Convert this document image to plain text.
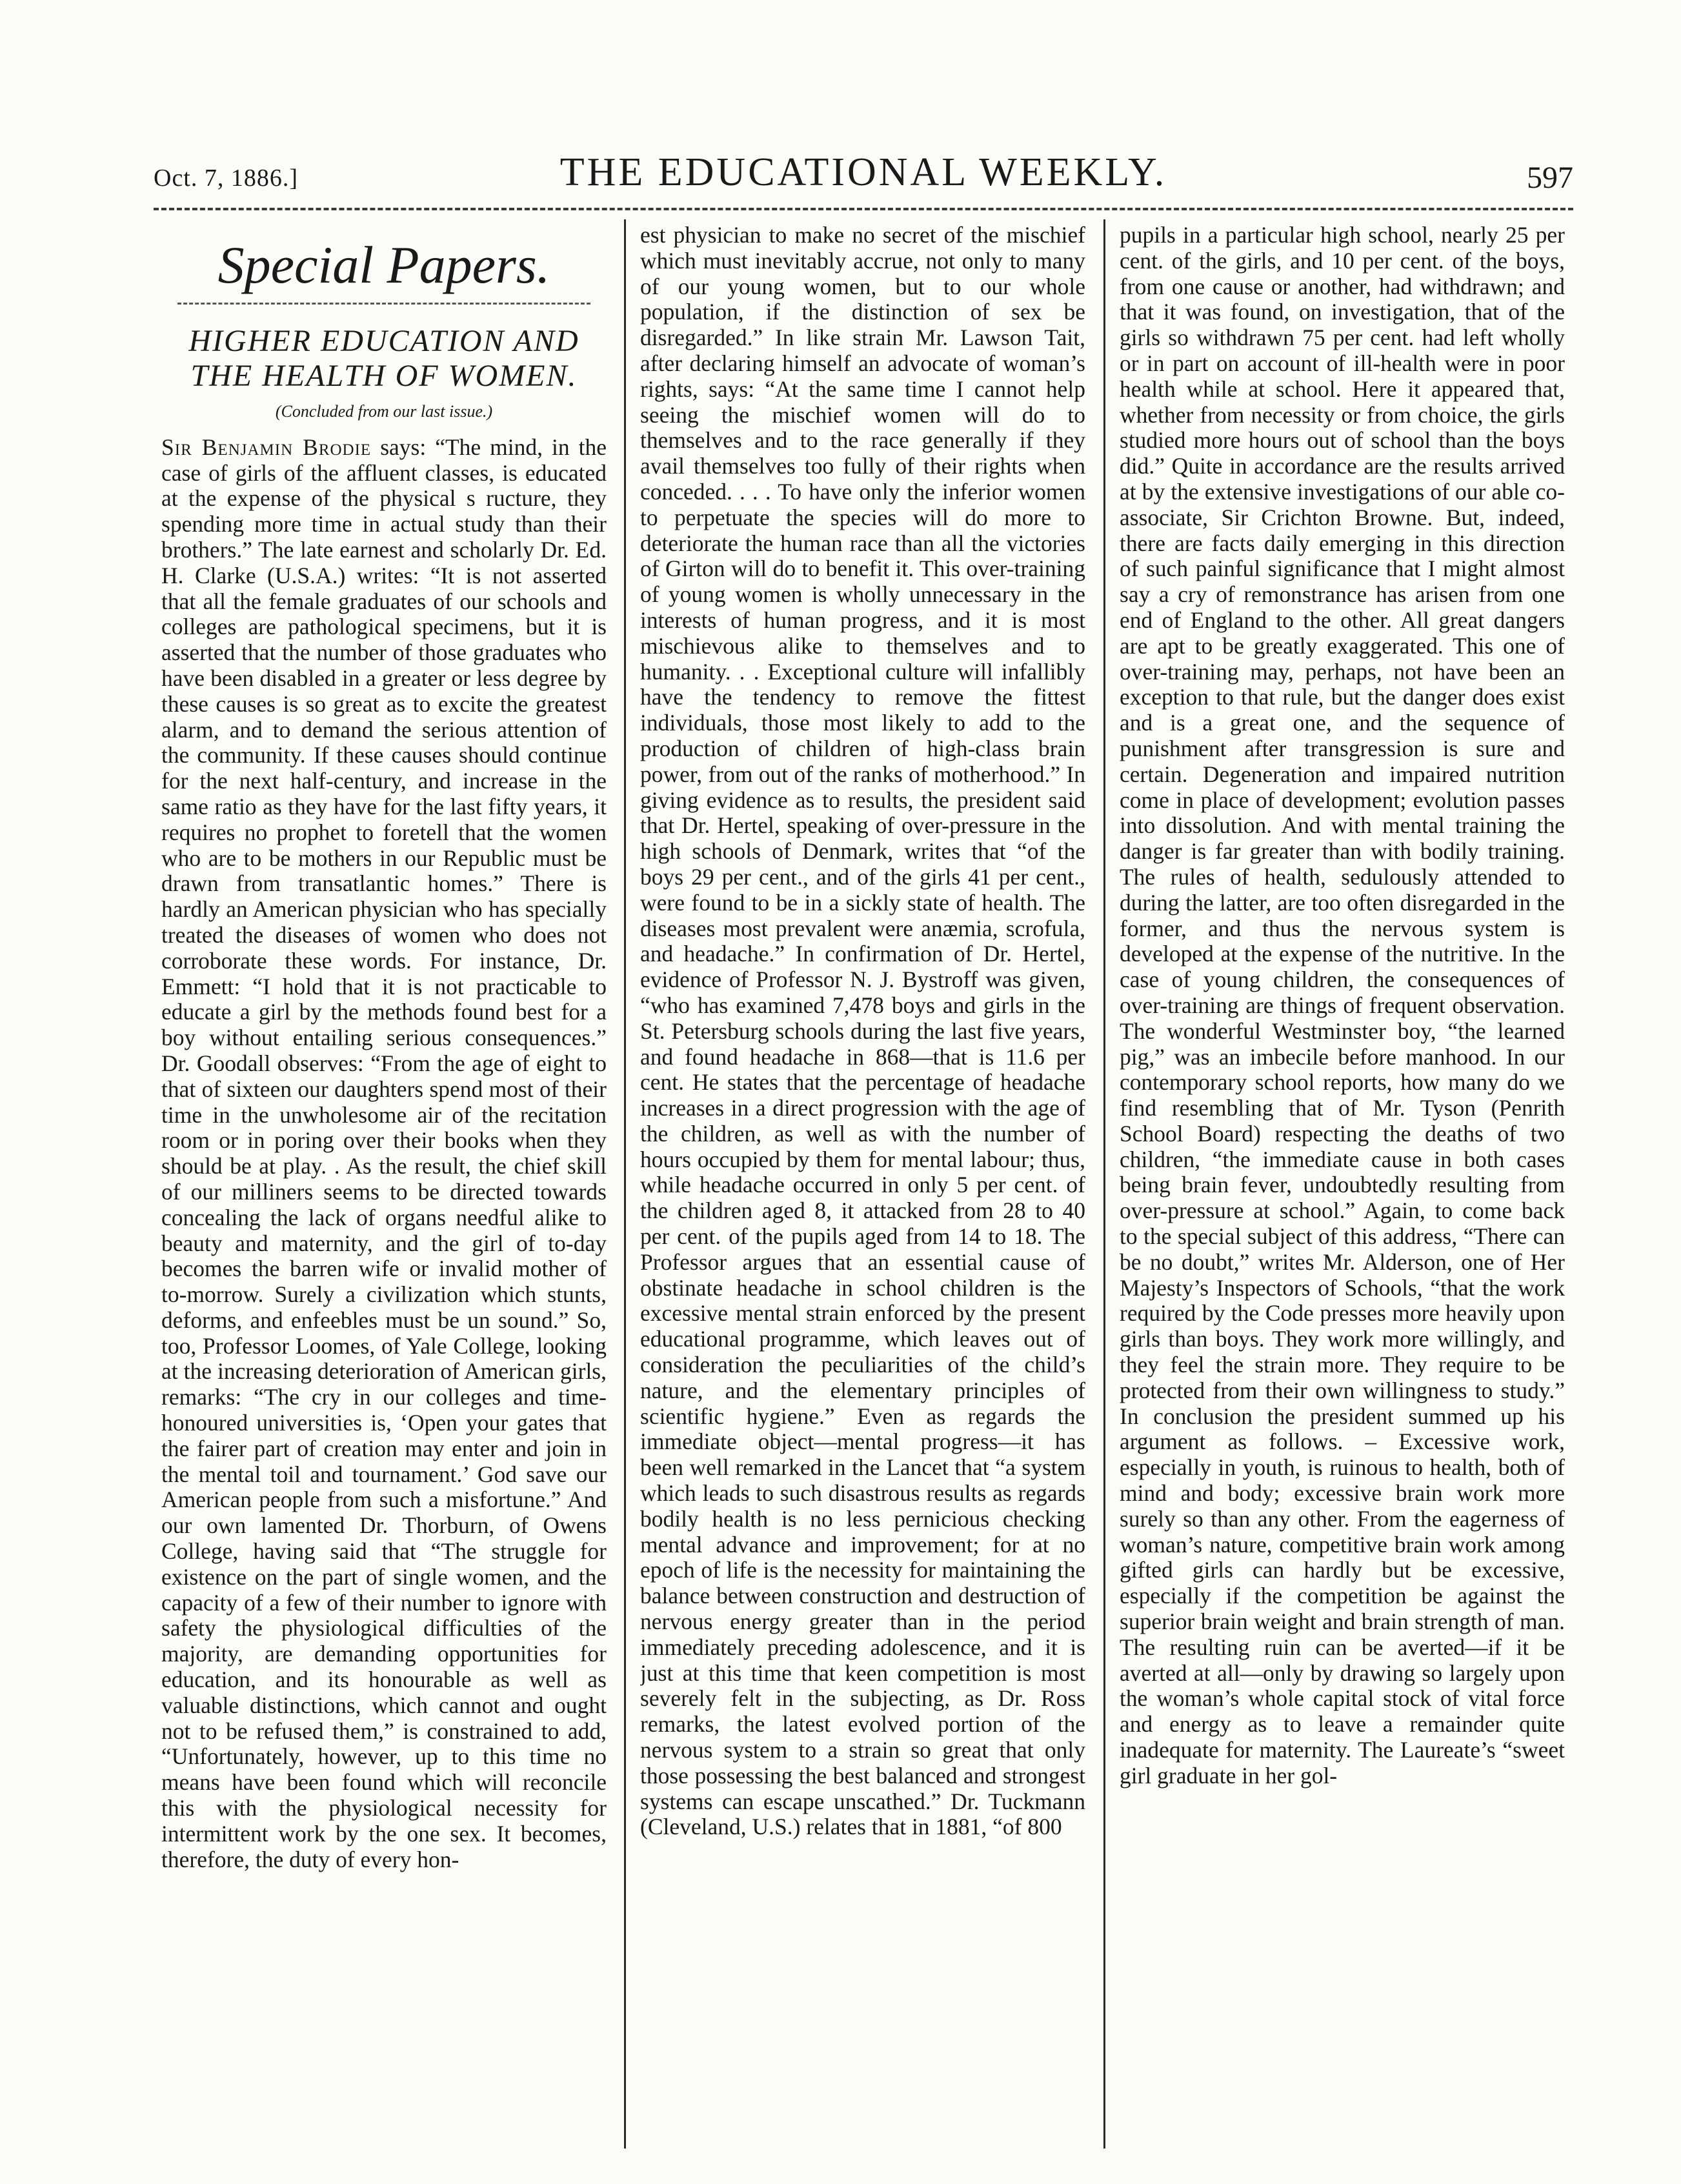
Oct. 7, 1886.]	THE EDUCATIONAL WEEKLY.	597
Special Papers.
HIGHER EDUCATION AND THE HEALTH OF WOMEN.
(Concluded from our last issue.)

Sir Benjamin Brodie says: “The mind, in the case of girls of the affluent classes, is educated at the expense of the physical s ructure, they spending more time in actual study than their brothers.” The late earnest and scholarly Dr. Ed. H. Clarke (U.S.A.) writes: “It is not asserted that all the female graduates of our schools and colleges are pathological specimens, but it is asserted that the number of those graduates who have been disabled in a greater or less degree by these causes is so great as to excite the greatest alarm, and to demand the serious attention of the community. If these causes should continue for the next half-century, and increase in the same ratio as they have for the last fifty years, it requires no prophet to foretell that the women who are to be mothers in our Republic must be drawn from transatlantic homes.” There is hardly an American physician who has specially treated the diseases of women who does not corroborate these words. For instance, Dr. Emmett: “I hold that it is not practicable to educate a girl by the methods found best for a boy without entailing serious consequences.” Dr. Goodall observes: “From the age of eight to that of sixteen our daughters spend most of their time in the unwholesome air of the recitation room or in poring over their books when they should be at play. . As the result, the chief skill of our milliners seems to be directed towards concealing the lack of organs needful alike to beauty and maternity, and the girl of to-day becomes the barren wife or invalid mother of to-morrow. Surely a civilization which stunts, deforms, and enfeebles must be un sound.” So, too, Professor Loomes, of Yale College, looking at the increasing deterioration of American girls, remarks: “The cry in our colleges and time-honoured universities is, ‘Open your gates that the fairer part of creation may enter and join in the mental toil and tournament.’ God save our American people from such a misfortune.” And our own lamented Dr. Thorburn, of Owens College, having said that “The struggle for existence on the part of single women, and the capacity of a few of their number to ignore with safety the physiological difficulties of the majority, are demanding opportunities for education, and its honourable as well as valuable distinctions, which cannot and ought not to be refused them,” is constrained to add, “Unfortunately, however, up to this time no means have been found which will reconcile this with the physiological necessity for intermittent work by the one sex. It becomes, therefore, the duty of every hon-

est physician to make no secret of the mischief which must inevitably accrue, not only to many of our young women, but to our whole population, if the distinction of sex be disregarded.” In like strain Mr. Lawson Tait, after declaring himself an advocate of woman’s rights, says: “At the same time I cannot help seeing the mischief women will do to themselves and to the race generally if they avail themselves too fully of their rights when conceded. . . . To have only the inferior women to perpetuate the species will do more to deteriorate the human race than all the victories of Girton will do to benefit it. This over-training of young women is wholly unnecessary in the interests of human progress, and it is most mischievous alike to themselves and to humanity. . . Exceptional culture will infallibly have the tendency to remove the fittest individuals, those most likely to add to the production of children of high-class brain power, from out of the ranks of motherhood.” In giving evidence as to results, the president said that Dr. Hertel, speaking of over-pressure in the high schools of Denmark, writes that “of the boys 29 per cent., and of the girls 41 per cent., were found to be in a sickly state of health. The diseases most prevalent were anæmia, scrofula, and headache.” In confirmation of Dr. Hertel, evidence of Professor N. J. Bystroff was given, “who has examined 7,478 boys and girls in the St. Petersburg schools during the last five years, and found headache in 868—that is 11.6 per cent. He states that the percentage of headache increases in a direct progression with the age of the children, as well as with the number of hours occupied by them for mental labour; thus, while headache occurred in only 5 per cent. of the children aged 8, it attacked from 28 to 40 per cent. of the pupils aged from 14 to 18. The Professor argues that an essential cause of obstinate headache in school children is the excessive mental strain enforced by the present educational programme, which leaves out of consideration the peculiarities of the child’s nature, and the elementary principles of scientific hygiene.” Even as regards the immediate object—mental progress—it has been well remarked in the Lancet that “a system which leads to such disastrous results as regards bodily health is no less pernicious checking mental advance and improvement; for at no epoch of life is the necessity for maintaining the balance between construction and destruction of nervous energy greater than in the period immediately preceding adolescence, and it is just at this time that keen competition is most severely felt in the subjecting, as Dr. Ross remarks, the latest evolved portion of the nervous system to a strain so great that only those possessing the best balanced and strongest systems can escape unscathed.” Dr. Tuckmann (Cleveland, U.S.) relates that in 1881, “of 800

pupils in a particular high school, nearly 25 per cent. of the girls, and 10 per cent. of the boys, from one cause or another, had withdrawn; and that it was found, on investigation, that of the girls so withdrawn 75 per cent. had left wholly or in part on account of ill-health were in poor health while at school. Here it appeared that, whether from necessity or from choice, the girls studied more hours out of school than the boys did.” Quite in accordance are the results arrived at by the extensive investigations of our able co-associate, Sir Crichton Browne. But, indeed, there are facts daily emerging in this direction of such painful significance that I might almost say a cry of remonstrance has arisen from one end of England to the other. All great dangers are apt to be greatly exaggerated. This one of over-training may, perhaps, not have been an exception to that rule, but the danger does exist and is a great one, and the sequence of punishment after transgression is sure and certain. Degeneration and impaired nutrition come in place of development; evolution passes into dissolution. And with mental training the danger is far greater than with bodily training. The rules of health, sedulously attended to during the latter, are too often disregarded in the former, and thus the nervous system is developed at the expense of the nutritive. In the case of young children, the consequences of over-training are things of frequent observation. The wonderful Westminster boy, “the learned pig,” was an imbecile before manhood. In our contemporary school reports, how many do we find resembling that of Mr. Tyson (Penrith School Board) respecting the deaths of two children, “the immediate cause in both cases being brain fever, undoubtedly resulting from over-pressure at school.” Again, to come back to the special subject of this address, “There can be no doubt,” writes Mr. Alderson, one of Her Majesty’s Inspectors of Schools, “that the work required by the Code presses more heavily upon girls than boys. They work more willingly, and they feel the strain more. They require to be protected from their own willingness to study.” In conclusion the president summed up his argument as follows. – Excessive work, especially in youth, is ruinous to health, both of mind and body; excessive brain work more surely so than any other. From the eagerness of woman’s nature, competitive brain work among gifted girls can hardly but be excessive, especially if the competition be against the superior brain weight and brain strength of man. The resulting ruin can be averted—if it be averted at all—only by drawing so largely upon the woman’s whole capital stock of vital force and energy as to leave a remainder quite inadequate for maternity. The Laureate’s “sweet girl graduate in her gol-
